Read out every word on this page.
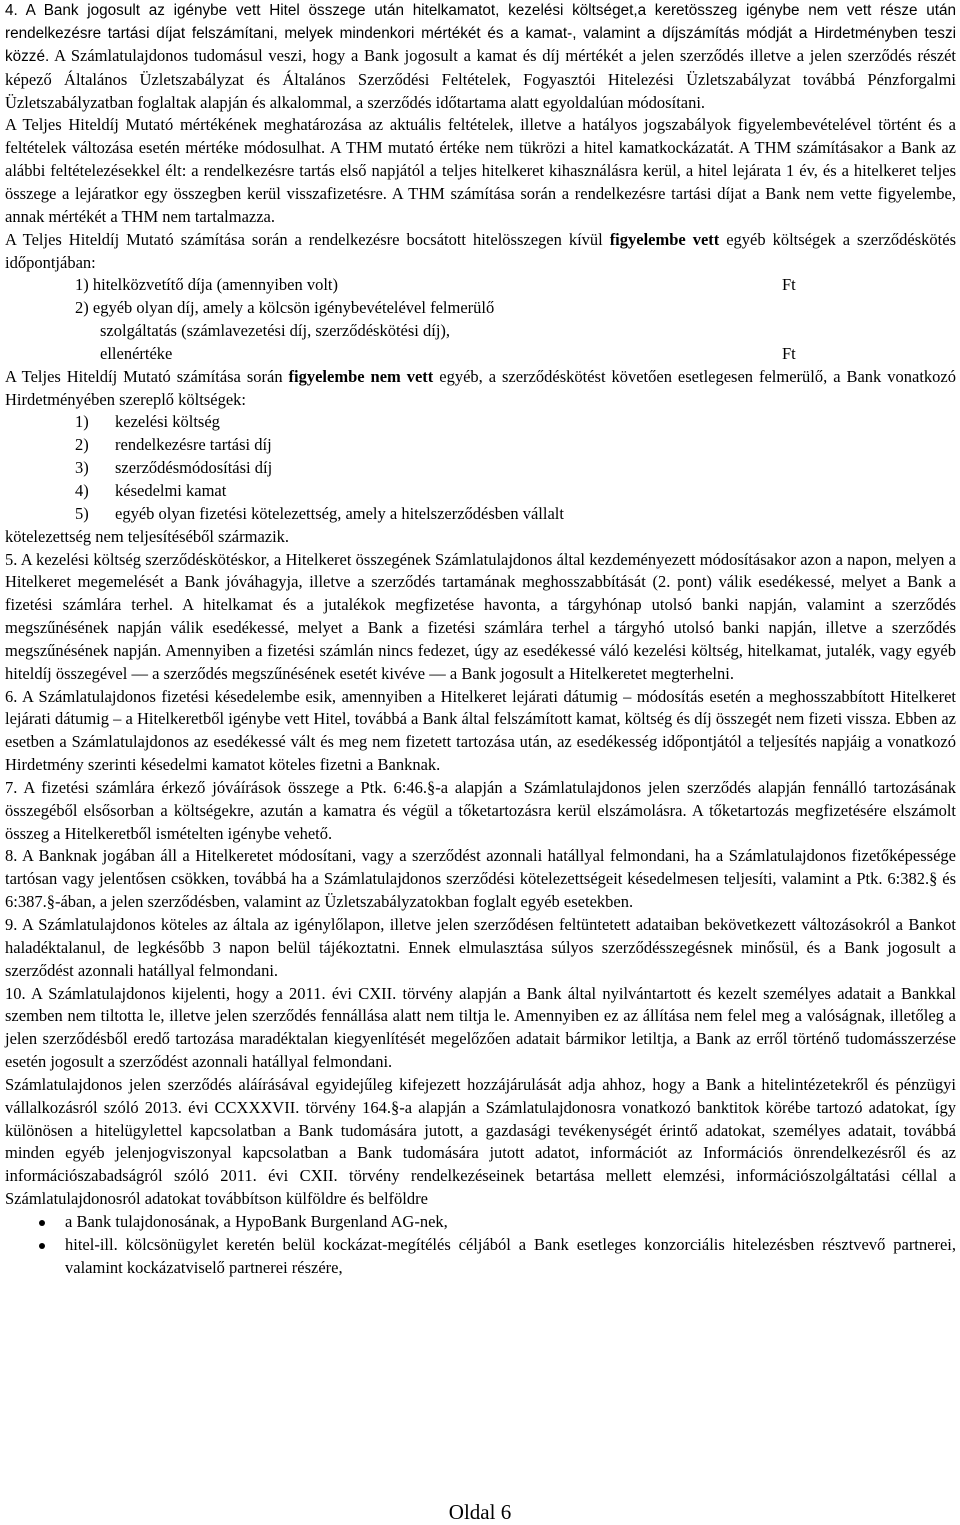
4. A Bank jogosult az igénybe vett Hitel összege után hitelkamatot, kezelési költséget,a keretösszeg igénybe nem vett része után rendelkezésre tartási díjat felszámítani, melyek mindenkori mértékét és a kamat-, valamint a díjszámítás módját a Hirdetményben teszi közzé. A Számlatulajdonos tudomásul veszi, hogy a Bank jogosult a kamat és díj mértékét a jelen szerződés illetve a jelen szerződés részét képező Általános Üzletszabályzat és Általános Szerződési Feltételek, Fogyasztói Hitelezési Üzletszabályzat továbbá Pénzforgalmi Üzletszabályzatban foglaltak alapján és alkalommal, a szerződés időtartama alatt egyoldalúan módosítani.

A Teljes Hiteldíj Mutató mértékének meghatározása az aktuális feltételek, illetve a hatályos jogszabályok figyelembevételével történt és a feltételek változása esetén mértéke módosulhat. A THM mutató értéke nem tükrözi a hitel kamatkockázatát. A THM számításakor a Bank az alábbi feltételezésekkel élt: a rendelkezésre tartás első napjától a teljes hitelkeret kihasználásra kerül, a hitel lejárata 1 év, és a hitelkeret teljes összege a lejáratkor egy összegben kerül visszafizetésre. A THM számítása során a rendelkezésre tartási díjat a Bank nem vette figyelembe, annak mértékét a THM nem tartalmazza.

A Teljes Hiteldíj Mutató számítása során a rendelkezésre bocsátott hitelösszegen kívül figyelembe vett egyéb költségek a szerződéskötés időpontjában:

1) hitelközvetítő díja (amennyiben volt)	Ft
2) egyéb olyan díj, amely a kölcsön igénybevételével felmerülő
szolgáltatás (számlavezetési díj, szerződéskötési díj),
ellenértéke	Ft

A Teljes Hiteldíj Mutató számítása során figyelembe nem vett egyéb, a szerződéskötést követően esetlegesen felmerülő, a Bank vonatkozó Hirdetményében szereplő költségek:

1) kezelési költség
2) rendelkezésre tartási díj
3) szerződésmódosítási díj
4) késedelmi kamat
5) egyéb olyan fizetési kötelezettség, amely a hitelszerződésben vállalt

kötelezettség nem teljesítéséből származik.

5. A kezelési költség szerződéskötéskor, a Hitelkeret összegének Számlatulajdonos által kezdeményezett módosításakor azon a napon, melyen a Hitelkeret megemelését a Bank jóváhagyja, illetve a szerződés tartamának meghosszabbítását (2. pont) válik esedékessé, melyet a Bank a fizetési számlára terhel. A hitelkamat és a jutalékok megfizetése havonta, a tárgyhónap utolsó banki napján, valamint a szerződés megszűnésének napján válik esedékessé, melyet a Bank a fizetési számlára terhel a tárgyhó utolsó banki napján, illetve a szerződés megszűnésének napján. Amennyiben a fizetési számlán nincs fedezet, úgy az esedékessé váló kezelési költség, hitelkamat, jutalék, vagy egyéb hiteldíj összegével — a szerződés megszűnésének esetét kivéve — a Bank jogosult a Hitelkeretet megterhelni.

6. A Számlatulajdonos fizetési késedelembe esik, amennyiben a Hitelkeret lejárati dátumig – módosítás esetén a meghosszabbított Hitelkeret lejárati dátumig – a Hitelkeretből igénybe vett Hitel, továbbá a Bank által felszámított kamat, költség és díj összegét nem fizeti vissza. Ebben az esetben a Számlatulajdonos az esedékessé vált és meg nem fizetett tartozása után, az esedékesség időpontjától a teljesítés napjáig a vonatkozó Hirdetmény szerinti késedelmi kamatot köteles fizetni a Banknak.

7. A fizetési számlára érkező jóváírások összege a Ptk. 6:46.§-a alapján a Számlatulajdonos jelen szerződés alapján fennálló tartozásának összegéből elsősorban a költségekre, azután a kamatra és végül a tőketartozásra kerül elszámolásra. A tőketartozás megfizetésére elszámolt összeg a Hitelkeretből ismételten igénybe vehető.

8. A Banknak jogában áll a Hitelkeretet módosítani, vagy a szerződést azonnali hatállyal felmondani, ha a Számlatulajdonos fizetőképessége tartósan vagy jelentősen csökken, továbbá ha a Számlatulajdonos szerződési kötelezettségeit késedelmesen teljesíti, valamint a Ptk. 6:382.§ és 6:387.§-ában, a jelen szerződésben, valamint az Üzletszabályzatokban foglalt egyéb esetekben.

9. A Számlatulajdonos köteles az általa az igénylőlapon, illetve jelen szerződésen feltüntetett adataiban bekövetkezett változásokról a Bankot haladéktalanul, de legkésőbb 3 napon belül tájékoztatni. Ennek elmulasztása súlyos szerződésszegésnek minősül, és a Bank jogosult a szerződést azonnali hatállyal felmondani.

10. A Számlatulajdonos kijelenti, hogy a 2011. évi CXII. törvény alapján a Bank által nyilvántartott és kezelt személyes adatait a Bankkal szemben nem tiltotta le, illetve jelen szerződés fennállása alatt nem tiltja le. Amennyiben ez az állítása nem felel meg a valóságnak, illetőleg a jelen szerződésből eredő tartozása maradéktalan kiegyenlítését megelőzően adatait bármikor letiltja, a Bank az erről történő tudomásszerzése esetén jogosult a szerződést azonnali hatállyal felmondani.

Számlatulajdonos jelen szerződés aláírásával egyidejűleg kifejezett hozzájárulását adja ahhoz, hogy a Bank a hitelintézetekről és pénzügyi vállalkozásról szóló 2013. évi CCXXXVII. törvény 164.§-a alapján a Számlatulajdonosra vonatkozó banktitok körébe tartozó adatokat, így különösen a hitelügylettel kapcsolatban a Bank tudomására jutott, a gazdasági tevékenységét érintő adatokat, személyes adatait, továbbá minden egyéb jelenjogviszonyal kapcsolatban a Bank tudomására jutott adatot, információt az Információs önrendelkezésről és az információszabadságról szóló 2011. évi CXII. törvény rendelkezéseinek betartása mellett elemzési, információszolgáltatási céllal a Számlatulajdonosról adatokat továbbítson külföldre és belföldre

a Bank tulajdonosának, a HypoBank Burgenland AG-nek,
hitel-ill. kölcsönügylet keretén belül kockázat-megítélés céljából a Bank esetleges konzorciális hitelezésben résztvevő partnerei, valamint kockázatviselő partnerei részére,
Oldal 6
